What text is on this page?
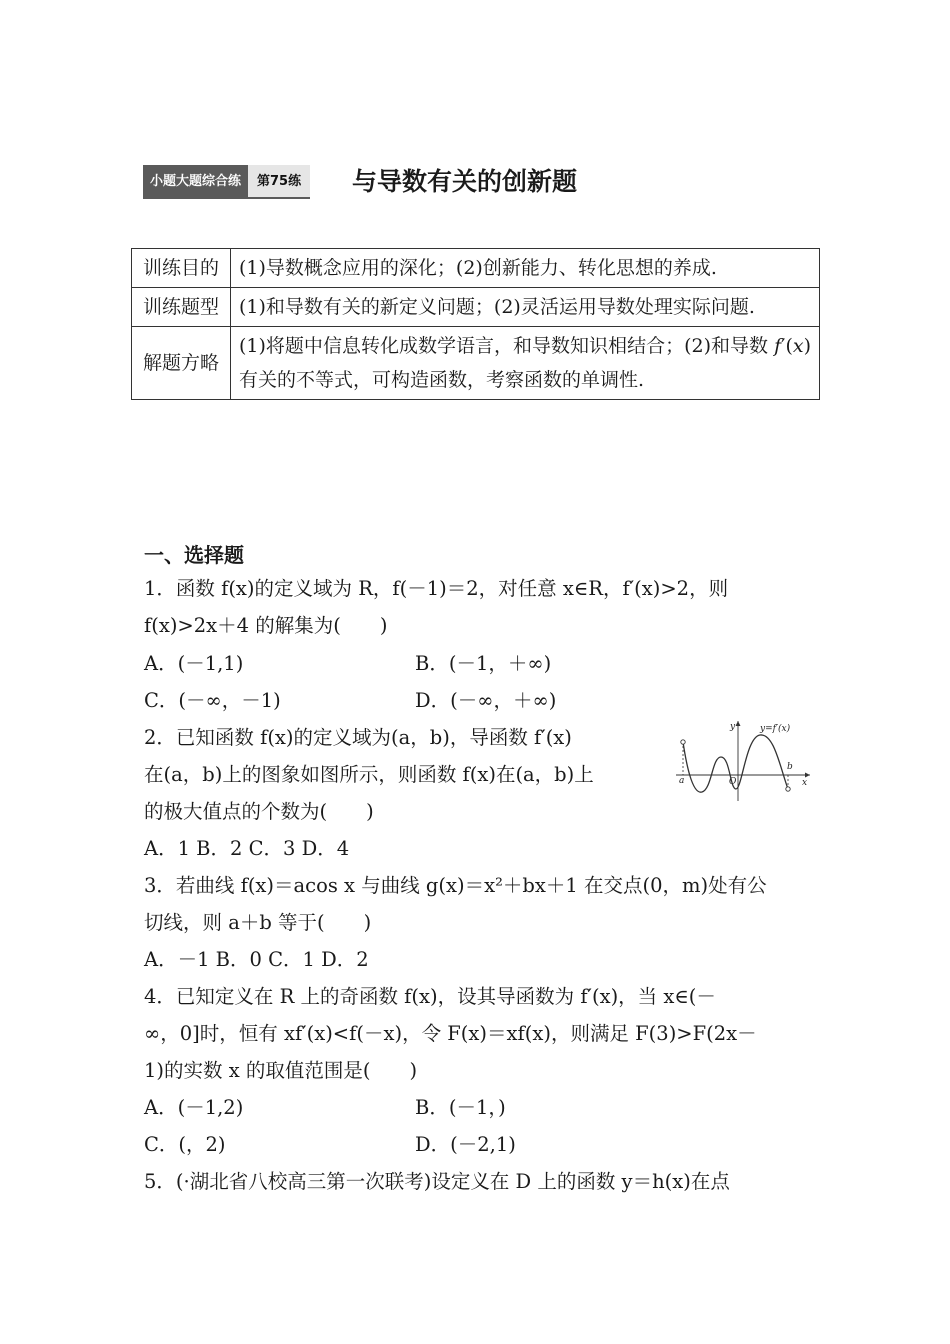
小题大题综合练	第75练	与导数有关的创新题
训练目的	(1)导数概念应用的深化；(2)创新能力、转化思想的养成.
训练题型	(1)和导数有关的新定义问题；(2)灵活运用导数处理实际问题.
解题方略	(1)将题中信息转化成数学语言，和导数知识相结合；(2)和导数 f′(x)有关的不等式，可构造函数，考察函数的单调性.
一、选择题
1．函数 f(x)的定义域为 R，f(－1)＝2，对任意 x∈R，f′(x)>2，则
f(x)>2x＋4 的解集为(　　)
A．(－1,1)	B．(－1，＋∞)
C．(－∞，－1)	D．(－∞，＋∞)
2．已知函数 f(x)的定义域为(a，b)，导函数 f′(x)
在(a，b)上的图象如图所示，则函数 f(x)在(a，b)上
的极大值点的个数为(　　)
A．1 B．2 C．3 D．4
y=f′(x)
y
x
a
b
O
3．若曲线 f(x)＝acos x 与曲线 g(x)＝x²＋bx＋1 在交点(0，m)处有公
切线，则 a＋b 等于(　　)
A．－1 B．0 C．1 D．2
4．已知定义在 R 上的奇函数 f(x)，设其导函数为 f′(x)，当 x∈(－
∞，0]时，恒有 xf′(x)<f(－x)，令 F(x)＝xf(x)，则满足 F(3)>F(2x－
1)的实数 x 的取值范围是(　　)
A．(－1,2)	B．(－1，)
C．(，2)	D．(－2,1)
5．(·湖北省八校高三第一次联考)设定义在 D 上的函数 y＝h(x)在点
